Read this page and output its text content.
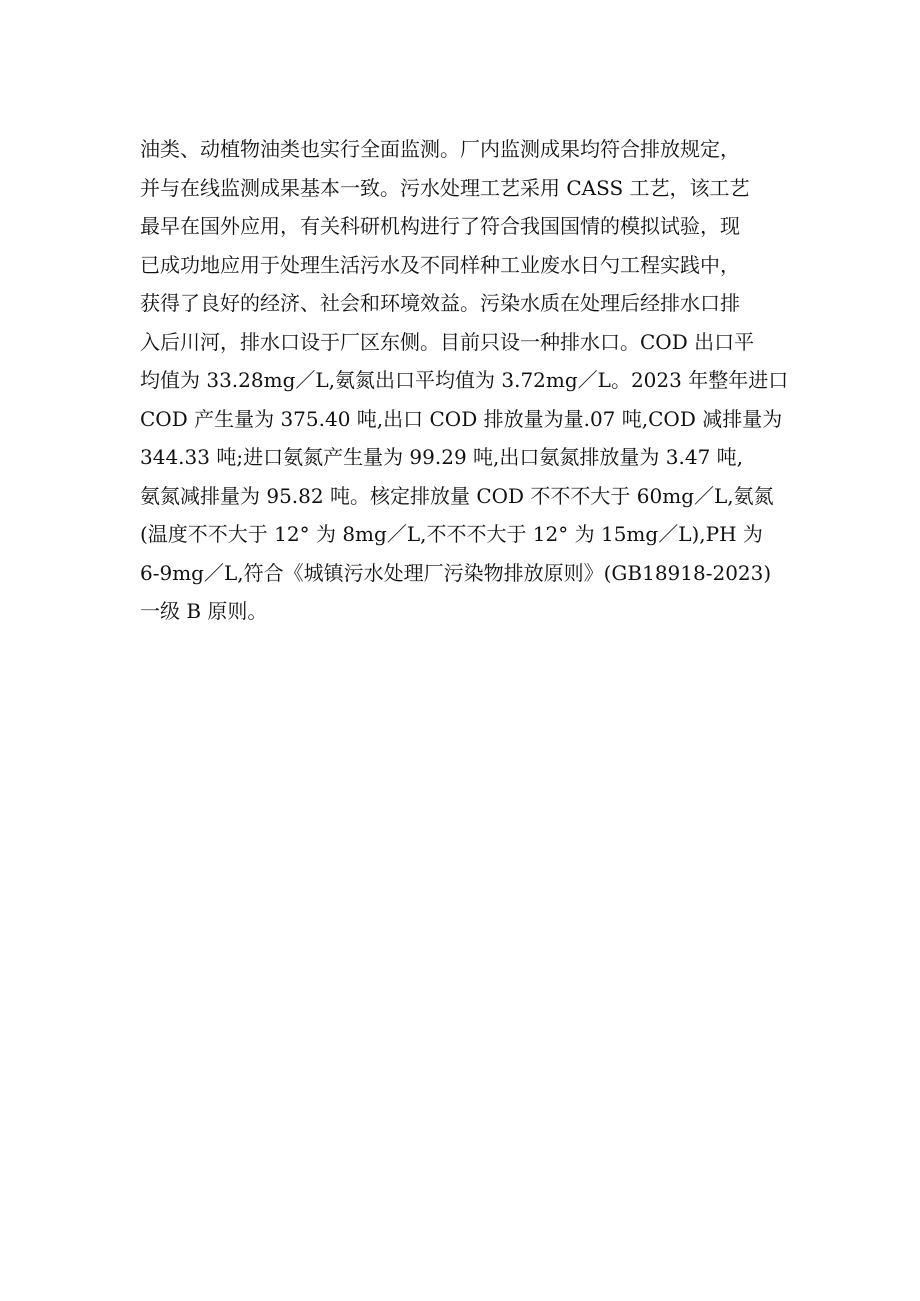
油类、动植物油类也实行全面监测。厂内监测成果均符合排放规定，
并与在线监测成果基本一致。污水处理工艺采用 CASS 工艺，该工艺
最早在国外应用，有关科研机构进行了符合我国国情的模拟试验，现
已成功地应用于处理生活污水及不同样种工业废水日勺工程实践中，
获得了良好的经济、社会和环境效益。污染水质在处理后经排水口排
入后川河，排水口设于厂区东侧。目前只设一种排水口。COD 出口平
均值为 33.28mg／L,氨氮出口平均值为 3.72mg／L。2023 年整年进口
COD 产生量为 375.40 吨,出口 COD 排放量为量.07 吨,COD 减排量为
344.33 吨;进口氨氮产生量为 99.29 吨,出口氨氮排放量为 3.47 吨,
氨氮减排量为 95.82 吨。核定排放量 COD 不不不大于 60mg／L,氨氮
(温度不不大于 12° 为 8mg／L,不不不大于 12° 为 15mg／L),PH 为
6-9mg／L,符合《城镇污水处理厂污染物排放原则》(GB18918-2023)
一级 B 原则。
